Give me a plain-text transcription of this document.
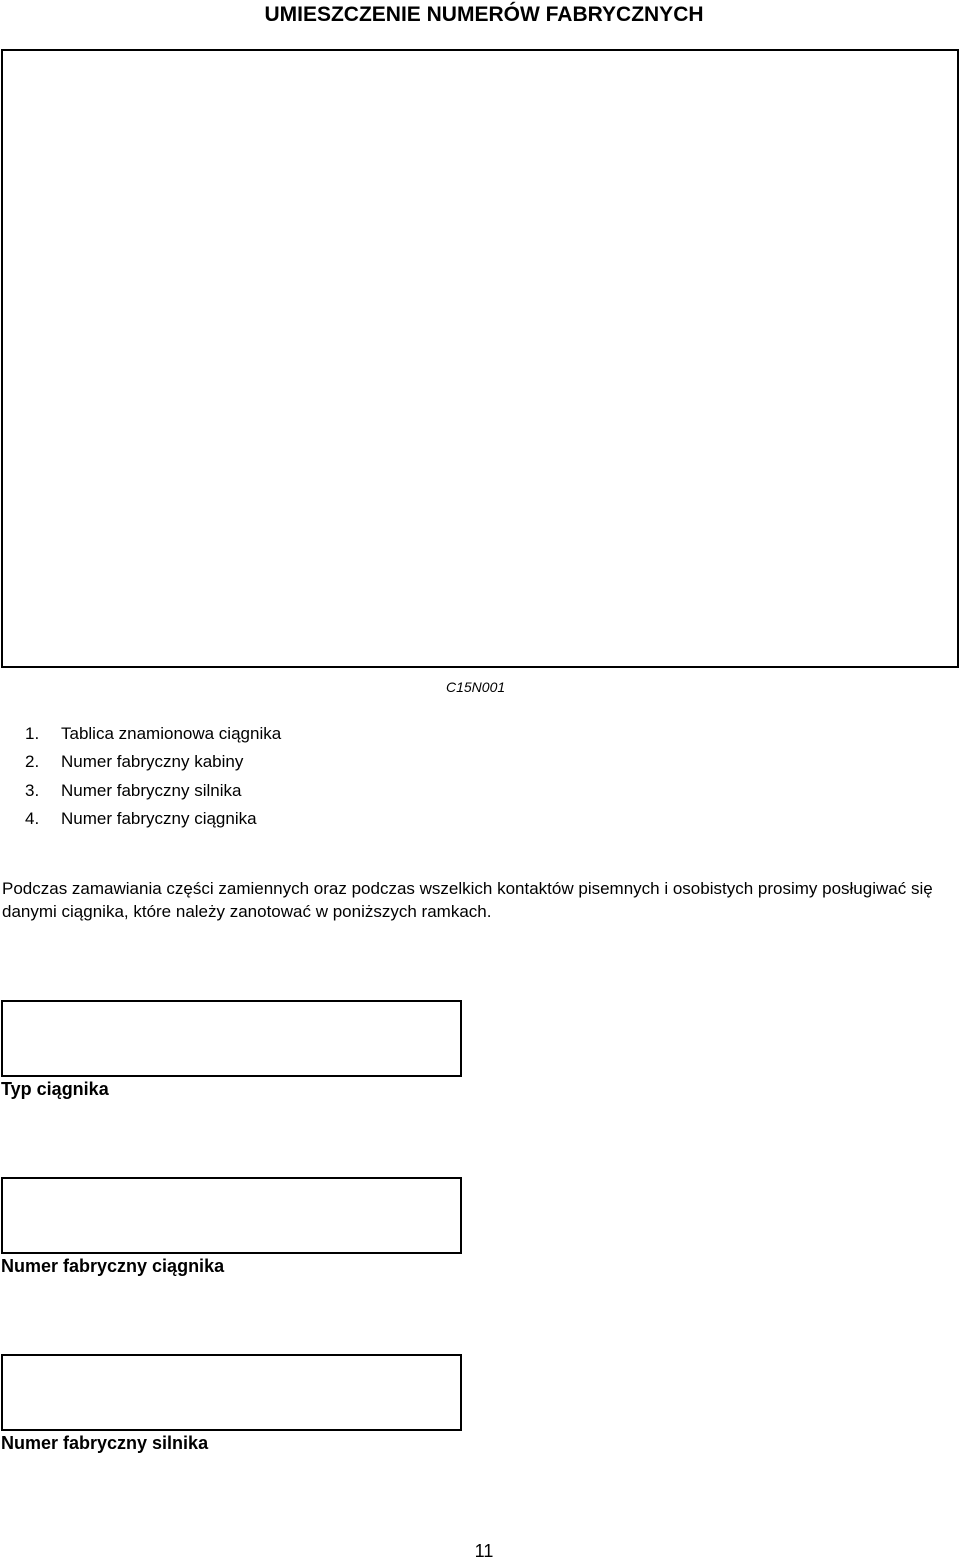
UMIESZCZENIE NUMERÓW FABRYCZNYCH
C15N001
1.	Tablica znamionowa ciągnika
2.	Numer fabryczny kabiny
3.	Numer fabryczny silnika
4.	Numer fabryczny ciągnika

Podczas zamawiania części zamiennych oraz podczas wszelkich kontaktów pisemnych i osobistych prosimy posługiwać się danymi ciągnika, które należy zanotować w poniższych ramkach.

Typ ciągnika
Numer fabryczny ciągnika
Numer fabryczny silnika
11
